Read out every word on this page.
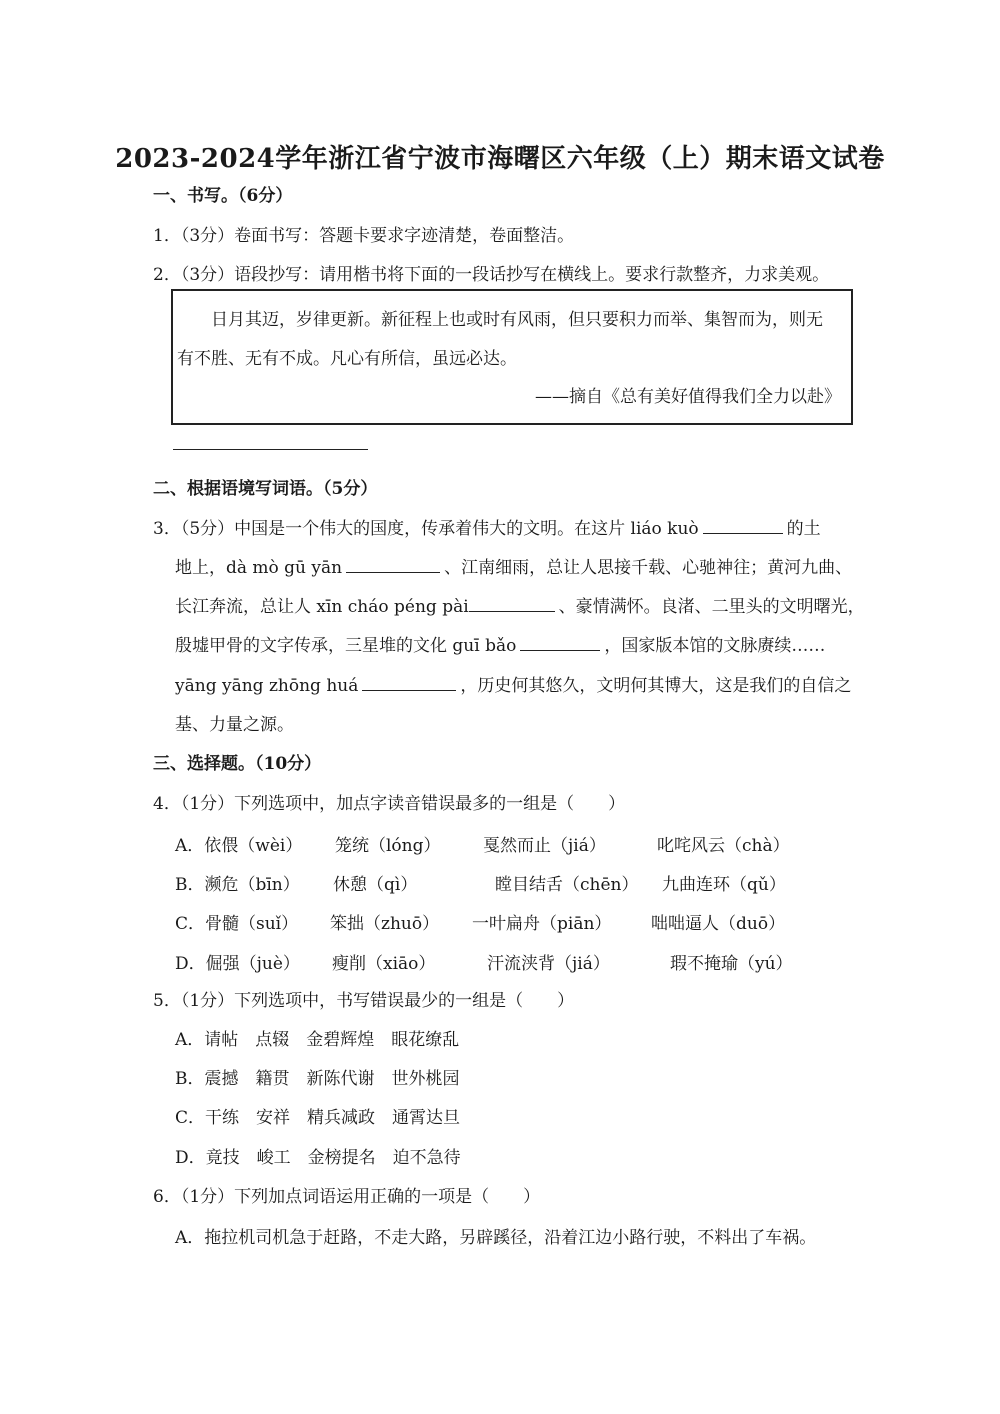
2023-2024学年浙江省宁波市海曙区六年级（上）期末语文试卷
一、书写。（6分）
1．（3分）卷面书写：答题卡要求字迹清楚，卷面整洁。
2．（3分）语段抄写：请用楷书将下面的一段话抄写在横线上。要求行款整齐，力求美观。
日月其迈，岁律更新。新征程上也或时有风雨，但只要积力而举、集智而为，则无
有不胜、无有不成。凡心有所信，虽远必达。
——摘自《总有美好值得我们全力以赴》
二、根据语境写词语。（5分）
3．（5分）中国是一个伟大的国度，传承着伟大的文明。在这片 liáo kuò	的土
地上，dà mò gū yān	、江南细雨，总让人思接千载、心驰神往；黄河九曲、
长江奔流，总让人 xīn cháo péng pài	、豪情满怀。良渚、二里头的文明曙光，
殷墟甲骨的文字传承，三星堆的文化 guī bǎo	，国家版本馆的文脉赓续……
yāng yāng zhōng huá	，历史何其悠久，文明何其博大，这是我们的自信之
基、力量之源。
三、选择题。（10分）
4．（1分）下列选项中，加点字读音错误最多的一组是（　　）
A．依偎（wèi） 笼统（lóng） 戛然而止（jiá）	叱咤风云（chà）
B．濒危（bīn） 休憩（qì）	瞠目结舌（chēn） 九曲连环（qǔ）
C．骨髓（suǐ） 笨拙（zhuō） 一叶扁舟（piān） 咄咄逼人（duō）
D．倔强（juè） 瘦削（xiāo）	汗流浃背（jiá）	瑕不掩瑜（yú）
5．（1分）下列选项中，书写错误最少的一组是（　　）
A．请帖　点辍　金碧辉煌　眼花缭乱
B．震撼　籍贯　新陈代谢　世外桃园
C．干练　安祥　精兵减政　通霄达旦
D．竟技　峻工　金榜提名　迫不急待
6．（1分）下列加点词语运用正确的一项是（　　）
A．拖拉机司机急于赶路，不走大路，另辟蹊径，沿着江边小路行驶，不料出了车祸。
